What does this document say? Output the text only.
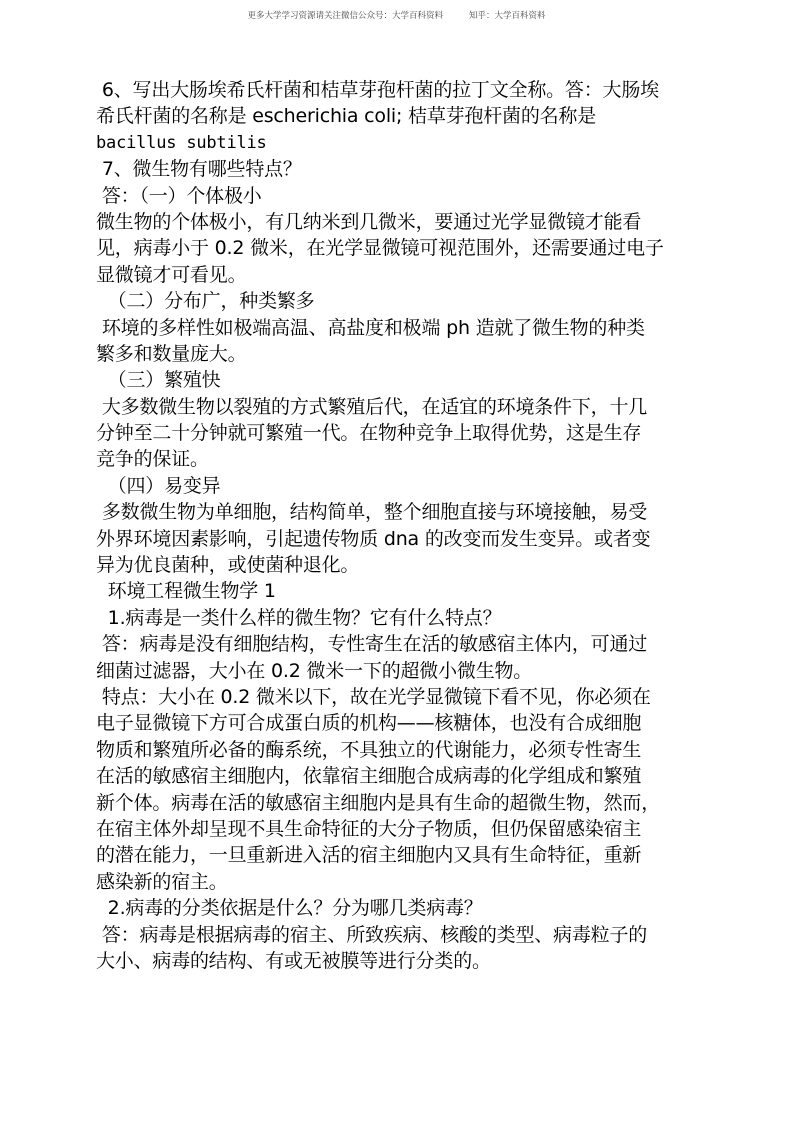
更多大学学习资源请关注微信公众号：大学百科资料	知乎：大学百科资料
6、写出大肠埃希氏杆菌和桔草芽孢杆菌的拉丁文全称。答：大肠埃
希氏杆菌的名称是 escherichia coli; 桔草芽孢杆菌的名称是
bacillus subtilis
7、微生物有哪些特点？
答：（一）个体极小
微生物的个体极小，有几纳米到几微米，要通过光学显微镜才能看
见，病毒小于 0.2 微米，在光学显微镜可视范围外，还需要通过电子
显微镜才可看见。
（二）分布广，种类繁多
环境的多样性如极端高温、高盐度和极端 ph 造就了微生物的种类
繁多和数量庞大。
（三）繁殖快
大多数微生物以裂殖的方式繁殖后代，在适宜的环境条件下，十几
分钟至二十分钟就可繁殖一代。在物种竞争上取得优势，这是生存
竞争的保证。
（四）易变异
多数微生物为单细胞，结构简单，整个细胞直接与环境接触，易受
外界环境因素影响，引起遗传物质 dna 的改变而发生变异。或者变
异为优良菌种，或使菌种退化。
环境工程微生物学 1
1.病毒是一类什么样的微生物？它有什么特点？
答：病毒是没有细胞结构，专性寄生在活的敏感宿主体内，可通过
细菌过滤器，大小在 0.2 微米一下的超微小微生物。
特点：大小在 0.2 微米以下，故在光学显微镜下看不见，你必须在
电子显微镜下方可合成蛋白质的机构——核糖体，也没有合成细胞
物质和繁殖所必备的酶系统，不具独立的代谢能力，必须专性寄生
在活的敏感宿主细胞内，依靠宿主细胞合成病毒的化学组成和繁殖
新个体。病毒在活的敏感宿主细胞内是具有生命的超微生物，然而，
在宿主体外却呈现不具生命特征的大分子物质，但仍保留感染宿主
的潜在能力，一旦重新进入活的宿主细胞内又具有生命特征，重新
感染新的宿主。
2.病毒的分类依据是什么？分为哪几类病毒？
答：病毒是根据病毒的宿主、所致疾病、核酸的类型、病毒粒子的
大小、病毒的结构、有或无被膜等进行分类的。
